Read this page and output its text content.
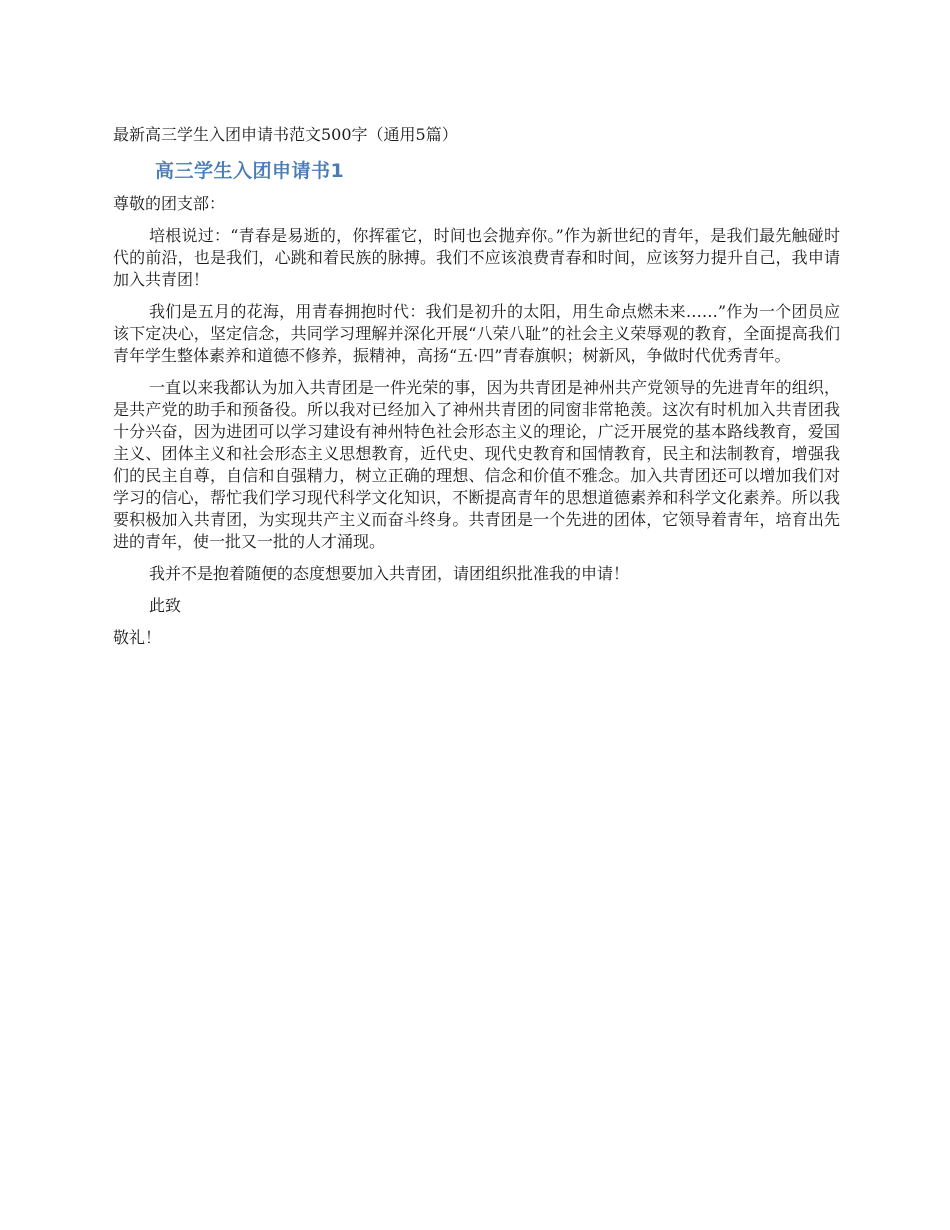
最新高三学生入团申请书范文500字（通用5篇）

高三学生入团申请书1

尊敬的团支部：

培根说过：“青春是易逝的，你挥霍它，时间也会抛弃你。”作为新世纪的青年，是我们最先触碰时代的前沿，也是我们，心跳和着民族的脉搏。我们不应该浪费青春和时间，应该努力提升自己，我申请加入共青团！

我们是五月的花海，用青春拥抱时代：我们是初升的太阳，用生命点燃未来……”作为一个团员应该下定决心，坚定信念，共同学习理解并深化开展“八荣八耻”的社会主义荣辱观的教育，全面提高我们青年学生整体素养和道德不修养，振精神，高扬“五·四”青春旗帜；树新风，争做时代优秀青年。

一直以来我都认为加入共青团是一件光荣的事，因为共青团是神州共产党领导的先进青年的组织，是共产党的助手和预备役。所以我对已经加入了神州共青团的同窗非常艳羡。这次有时机加入共青团我十分兴奋，因为进团可以学习建设有神州特色社会形态主义的理论，广泛开展党的基本路线教育，爱国主义、团体主义和社会形态主义思想教育，近代史、现代史教育和国情教育，民主和法制教育，增强我们的民主自尊，自信和自强精力，树立正确的理想、信念和价值不雅念。加入共青团还可以增加我们对学习的信心，帮忙我们学习现代科学文化知识，不断提高青年的思想道德素养和科学文化素养。所以我要积极加入共青团，为实现共产主义而奋斗终身。共青团是一个先进的团体，它领导着青年，培育出先进的青年，使一批又一批的人才涌现。

我并不是抱着随便的态度想要加入共青团，请团组织批准我的申请！

此致

敬礼！
